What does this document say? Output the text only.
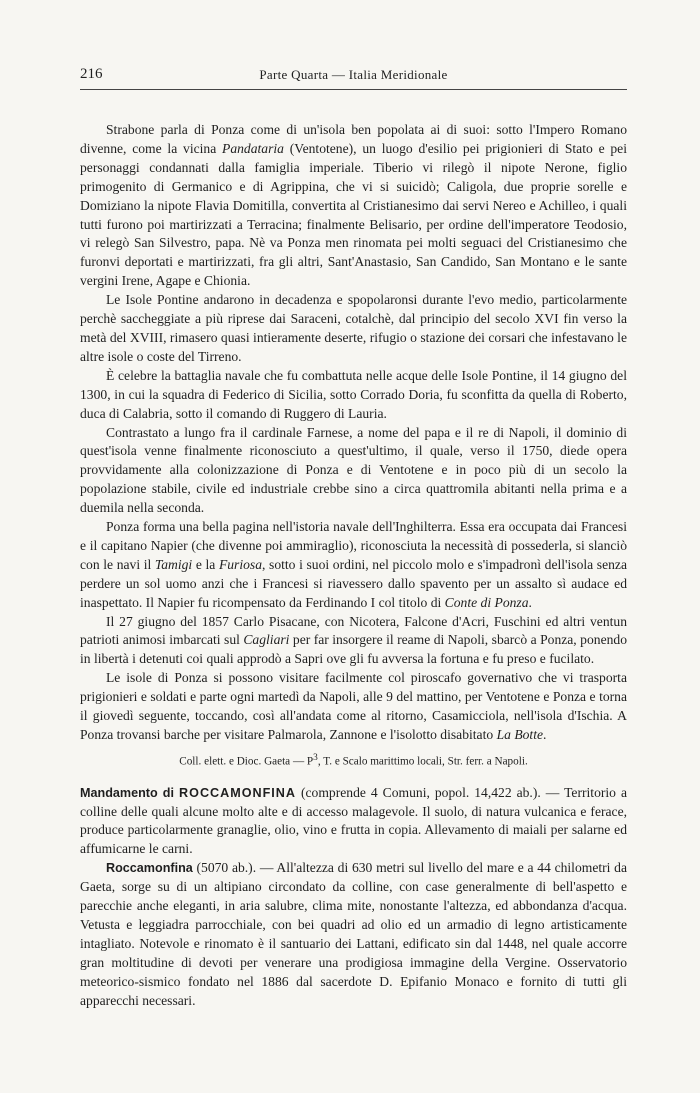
216	Parte Quarta — Italia Meridionale

Strabone parla di Ponza come di un'isola ben popolata ai di suoi: sotto l'Impero Romano divenne, come la vicina Pandataria (Ventotene), un luogo d'esilio pei prigionieri di Stato e pei personaggi condannati dalla famiglia imperiale. Tiberio vi rilegò il nipote Nerone, figlio primogenito di Germanico e di Agrippina, che vi si suicidò; Caligola, due proprie sorelle e Domiziano la nipote Flavia Domitilla, convertita al Cristianesimo dai servi Nereo e Achilleo, i quali tutti furono poi martirizzati a Terracina; finalmente Belisario, per ordine dell'imperatore Teodosio, vi relegò San Silvestro, papa. Nè va Ponza men rinomata pei molti seguaci del Cristianesimo che furonvi deportati e martirizzati, fra gli altri, Sant'Anastasio, San Candido, San Montano e le sante vergini Irene, Agape e Chionia.

Le Isole Pontine andarono in decadenza e spopolaronsi durante l'evo medio, particolarmente perchè saccheggiate a più riprese dai Saraceni, cotalchè, dal principio del secolo XVI fin verso la metà del XVIII, rimasero quasi intieramente deserte, rifugio o stazione dei corsari che infestavano le altre isole o coste del Tirreno.

È celebre la battaglia navale che fu combattuta nelle acque delle Isole Pontine, il 14 giugno del 1300, in cui la squadra di Federico di Sicilia, sotto Corrado Doria, fu sconfitta da quella di Roberto, duca di Calabria, sotto il comando di Ruggero di Lauria.

Contrastato a lungo fra il cardinale Farnese, a nome del papa e il re di Napoli, il dominio di quest'isola venne finalmente riconosciuto a quest'ultimo, il quale, verso il 1750, diede opera provvidamente alla colonizzazione di Ponza e di Ventotene e in poco più di un secolo la popolazione stabile, civile ed industriale crebbe sino a circa quattromila abitanti nella prima e a duemila nella seconda.

Ponza forma una bella pagina nell'istoria navale dell'Inghilterra. Essa era occupata dai Francesi e il capitano Napier (che divenne poi ammiraglio), riconosciuta la necessità di possederla, si slanciò con le navi il Tamigi e la Furiosa, sotto i suoi ordini, nel piccolo molo e s'impadronì dell'isola senza perdere un sol uomo anzi che i Francesi si riavessero dallo spavento per un assalto sì audace ed inaspettato. Il Napier fu ricompensato da Ferdinando I col titolo di Conte di Ponza.

Il 27 giugno del 1857 Carlo Pisacane, con Nicotera, Falcone d'Acri, Fuschini ed altri ventun patrioti animosi imbarcati sul Cagliari per far insorgere il reame di Napoli, sbarcò a Ponza, ponendo in libertà i detenuti coi quali approdò a Sapri ove gli fu avversa la fortuna e fu preso e fucilato.

Le isole di Ponza si possono visitare facilmente col piroscafo governativo che vi trasporta prigionieri e soldati e parte ogni martedì da Napoli, alle 9 del mattino, per Ventotene e Ponza e torna il giovedì seguente, toccando, così all'andata come al ritorno, Casamicciola, nell'isola d'Ischia. A Ponza trovansi barche per visitare Palmarola, Zannone e l'isolotto disabitato La Botte.

Coll. elett. e Dioc. Gaeta — $P^3$, T. e Scalo marittimo locali, Str. ferr. a Napoli.

Mandamento di ROCCAMONFINA (comprende 4 Comuni, popol. 14,422 ab.). — Territorio a colline delle quali alcune molto alte e di accesso malagevole. Il suolo, di natura vulcanica e ferace, produce particolarmente granaglie, olio, vino e frutta in copia. Allevamento di maiali per salarne ed affumicarne le carni.

Roccamonfina (5070 ab.). — All'altezza di 630 metri sul livello del mare e a 44 chilometri da Gaeta, sorge su di un altipiano circondato da colline, con case generalmente di bell'aspetto e parecchie anche eleganti, in aria salubre, clima mite, nonostante l'altezza, ed abbondanza d'acqua. Vetusta e leggiadra parrocchiale, con bei quadri ad olio ed un armadio di legno artisticamente intagliato. Notevole e rinomato è il santuario dei Lattani, edificato sin dal 1448, nel quale accorre gran moltitudine di devoti per venerare una prodigiosa immagine della Vergine. Osservatorio meteorico-sismico fondato nel 1886 dal sacerdote D. Epifanio Monaco e fornito di tutti gli apparecchi necessari.
